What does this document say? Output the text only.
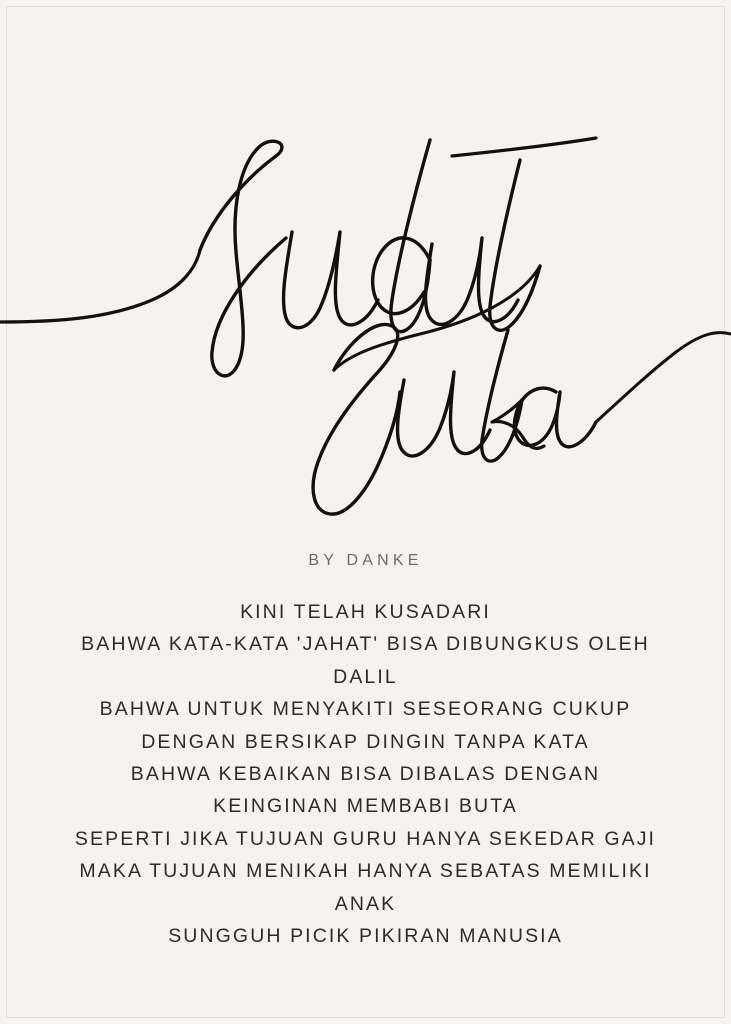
BY DANKE
KINI TELAH KUSADARI
BAHWA KATA-KATA 'JAHAT' BISA DIBUNGKUS OLEH
DALIL
BAHWA UNTUK MENYAKITI SESEORANG CUKUP
DENGAN BERSIKAP DINGIN TANPA KATA
BAHWA KEBAIKAN BISA DIBALAS DENGAN
KEINGINAN MEMBABI BUTA
SEPERTI JIKA TUJUAN GURU HANYA SEKEDAR GAJI
MAKA TUJUAN MENIKAH HANYA SEBATAS MEMILIKI
ANAK
SUNGGUH PICIK PIKIRAN MANUSIA
